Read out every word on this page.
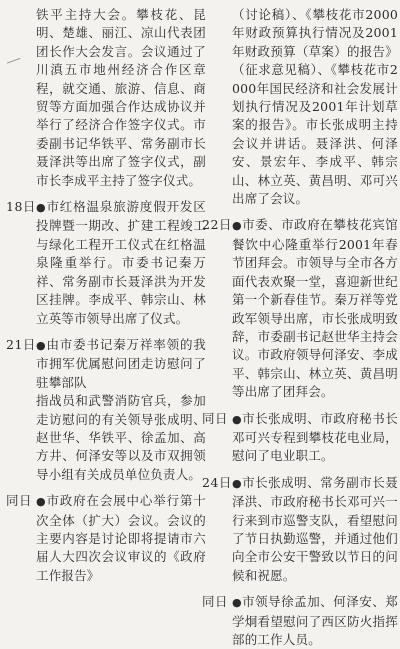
铁平主持大会。攀枝花、昆明、楚雄、丽江、凉山代表团团长作大会发言。会议通过了川滇五市地州经济合作区章程，就交通、旅游、信息、商贸等方面加强合作达成协议并举行了经济合作签字仪式。市委副书记华铁平、常务副市长聂泽洪等出席了签字仪式，副市长李成平主持了签字仪式。
18日 ●市红格温泉旅游度假开发区投牌暨一期改、扩建工程竣工与绿化工程开工仪式在红格温泉隆重举行。市委书记秦万祥、常务副市长聂泽洪为开发区挂牌。李成平、韩宗山、林立英等市领导出席了仪式。
21日 ●由市委书记秦万祥率领的我市拥军优属慰问团走访慰问了驻攀部队
指战员和武警消防官兵，参加走访慰问的有关领导张成明、赵世华、华铁平、徐孟加、高方井、何泽安等以及市双拥领导小组有关成员单位负责人。
同日 ●市政府在会展中心举行第十次全体（扩大）会议。会议的主要内容是讨论即将提请市六届人大四次会议审议的《政府工作报告》
（讨论稿）、《攀枝花市2000年财政预算执行情况及2001年财政预算（草案）的报告》（征求意见稿）、《攀枝花市2000年国民经济和社会发展计划执行情况及2001年计划草案的报告》。市长张成明主持会议并讲话。聂泽洪、何泽安、景宏年、李成平、韩宗山、林立英、黄昌明、邓可兴出席了会议。
22日 ●市委、市政府在攀枝花宾馆餐饮中心隆重举行2001年春节团拜会。市领导与全市各方面代表欢聚一堂，喜迎新世纪第一个新春佳节。秦万祥等党政军领导出席，市长张成明致辞，市委副书记赵世华主持会议。市政府领导何泽安、李成平、韩宗山、林立英、黄昌明等出席了团拜会。
同日 ●市长张成明、市政府秘书长邓可兴专程到攀枝花电业局，慰问了电业职工。
24日 ●市长张成明、常务副市长聂泽洪、市政府秘书长邓可兴一行来到市巡警支队，看望慰问了节日执勤巡警，并通过他们向全市公安干警致以节日的问候和祝愿。
同日 ●市领导徐孟加、何泽安、郑学炯看望慰问了西区防火指挥部的工作人员。
